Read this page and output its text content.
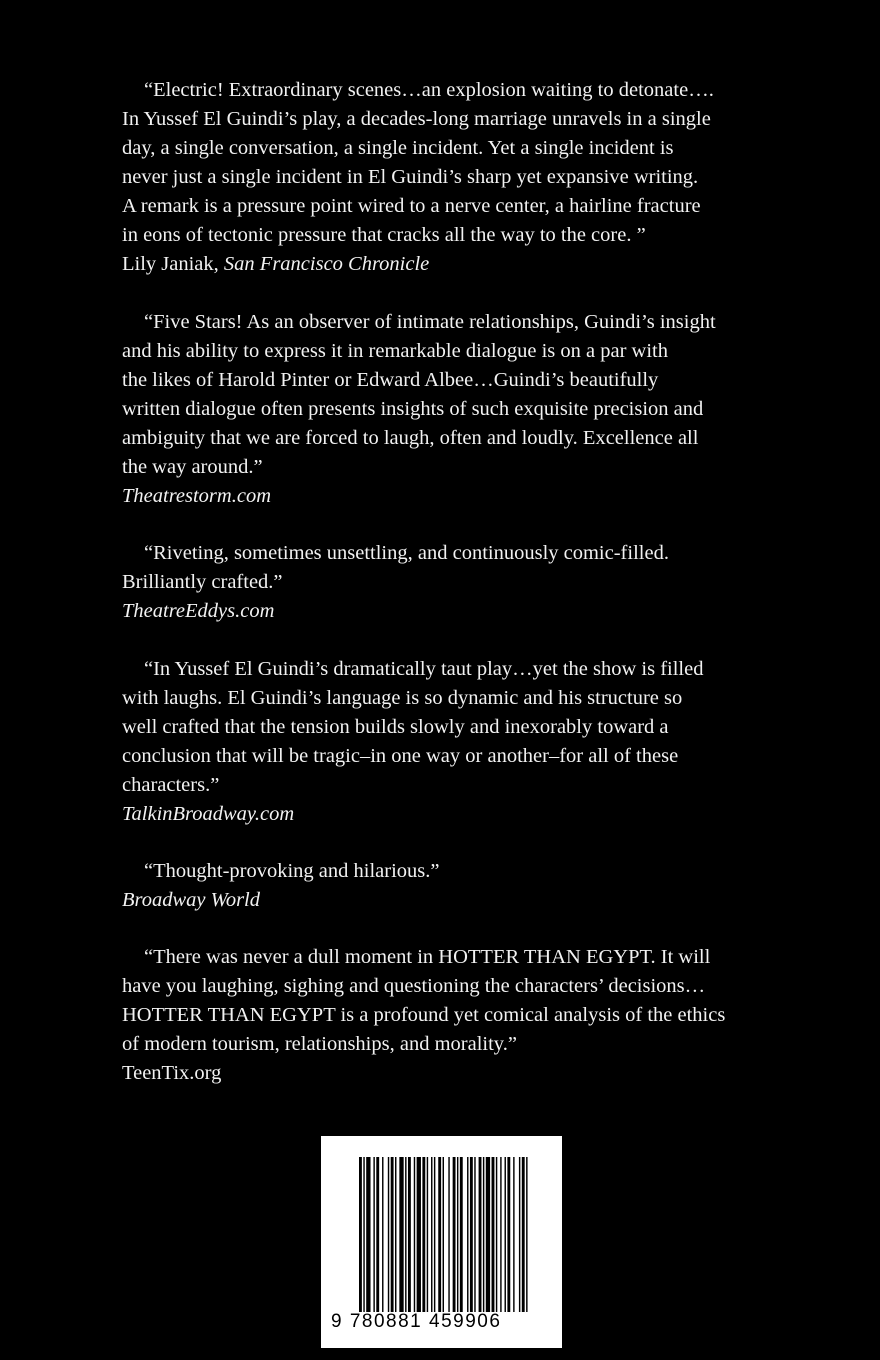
“Electric! Extraordinary scenes…an explosion waiting to detonate….
In Yussef El Guindi’s play, a decades-long marriage unravels in a single
day, a single conversation, a single incident. Yet a single incident is
never just a single incident in El Guindi’s sharp yet expansive writing.
A remark is a pressure point wired to a nerve center, a hairline fracture
in eons of tectonic pressure that cracks all the way to the core. ”
Lily Janiak, San Francisco Chronicle
“Five Stars! As an observer of intimate relationships, Guindi’s insight
and his ability to express it in remarkable dialogue is on a par with
the likes of Harold Pinter or Edward Albee…Guindi’s beautifully
written dialogue often presents insights of such exquisite precision and
ambiguity that we are forced to laugh, often and loudly. Excellence all
the way around.”
Theatrestorm.com
“Riveting, sometimes unsettling, and continuously comic-filled.
Brilliantly crafted.”
TheatreEddys.com
“In Yussef El Guindi’s dramatically taut play…yet the show is filled
with laughs. El Guindi’s language is so dynamic and his structure so
well crafted that the tension builds slowly and inexorably toward a
conclusion that will be tragic–in one way or another–for all of these
characters.”
TalkinBroadway.com
“Thought-provoking and hilarious.”
Broadway World
“There was never a dull moment in HOTTER THAN EGYPT. It will
have you laughing, sighing and questioning the characters’ decisions…
HOTTER THAN EGYPT is a profound yet comical analysis of the ethics
of modern tourism, relationships, and morality.”
TeenTix.org
9 780881 459906
